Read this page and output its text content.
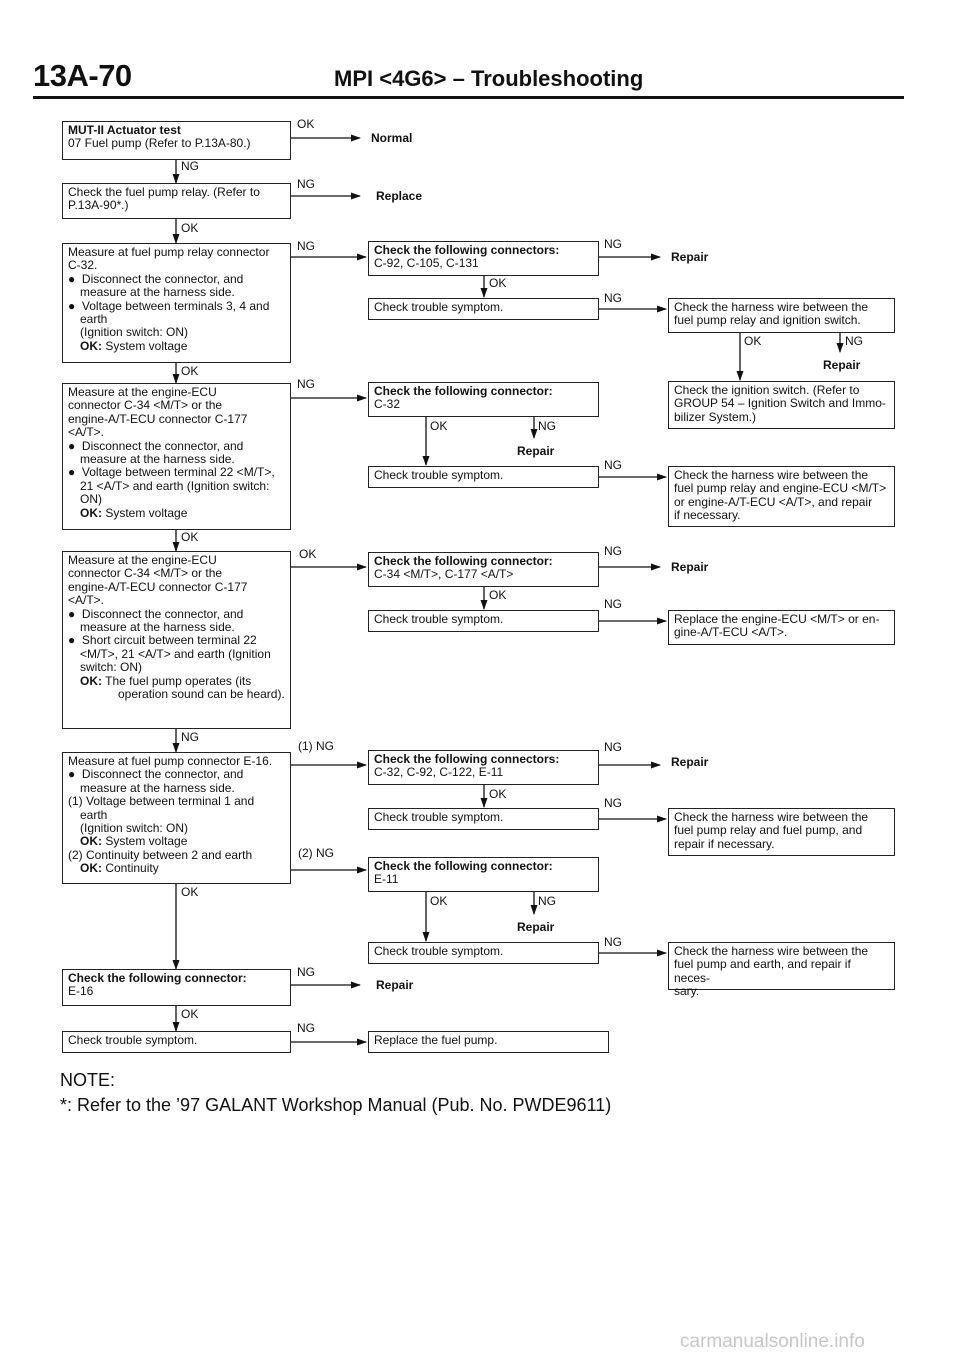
13A-70	MPI <4G6> – Troubleshooting
MUT-II Actuator test
07 Fuel pump (Refer to P.13A-80.)
Check the fuel pump relay. (Refer to
P.13A-90*.)
Measure at fuel pump relay connector
C-32.
●  Disconnect the connector, and
measure at the harness side.
●  Voltage between terminals 3, 4 and
earth
(Ignition switch: ON)
OK: System voltage
Measure at the engine-ECU
connector C-34 <M/T> or the
engine-A/T-ECU connector C-177
<A/T>.
●  Disconnect the connector, and
measure at the harness side.
●  Voltage between terminal 22 <M/T>,
21 <A/T> and earth (Ignition switch:
ON)
OK: System voltage
Measure at the engine-ECU
connector C-34 <M/T> or the
engine-A/T-ECU connector C-177
<A/T>.
●  Disconnect the connector, and
measure at the harness side.
●  Short circuit between terminal 22
<M/T>, 21 <A/T> and earth (Ignition
switch: ON)
OK: The fuel pump operates (its operation sound can be heard).
Measure at fuel pump connector E-16.
●  Disconnect the connector, and
measure at the harness side.
(1) Voltage between terminal 1 and
earth
(Ignition switch: ON)
OK: System voltage
(2) Continuity between 2 and earth
OK: Continuity
Check the following connector:
E-16
Check trouble symptom.
Check the following connectors:
C-92, C-105, C-131
Check trouble symptom.
Check the following connector:
C-32
Check trouble symptom.
Check the following connector:
C-34 <M/T>, C-177 <A/T>
Check trouble symptom.
Check the following connectors:
C-32, C-92, C-122, E-11
Check trouble symptom.
Check the following connector:
E-11
Check trouble symptom.
Replace the fuel pump.
Check the harness wire between the
fuel pump relay and ignition switch.
Check the ignition switch. (Refer to
GROUP 54 – Ignition Switch and Immo-
bilizer System.)
Check the harness wire between the
fuel pump relay and engine-ECU <M/T>
or engine-A/T-ECU <A/T>, and repair
if necessary.
Replace the engine-ECU <M/T> or en-
gine-A/T-ECU <A/T>.
Check the harness wire between the
fuel pump relay and fuel pump, and
repair if necessary.
Check the harness wire between the
fuel pump and earth, and repair if neces-
sary.
OK
Normal
NG
NG
Replace
OK
NG
OK
NG
OK
OK
NG
(1) NG
(2) NG
OK
NG
Repair
OK
NG
NG
Repair
OK
NG
OK	NG
Repair
OK	NG
Repair
NG
NG
Repair
OK
NG
NG
Repair
OK
NG
OK	NG
Repair
NG
NOTE:
*: Refer to the ’97 GALANT Workshop Manual (Pub. No. PWDE9611)
carmanualsonline.info
